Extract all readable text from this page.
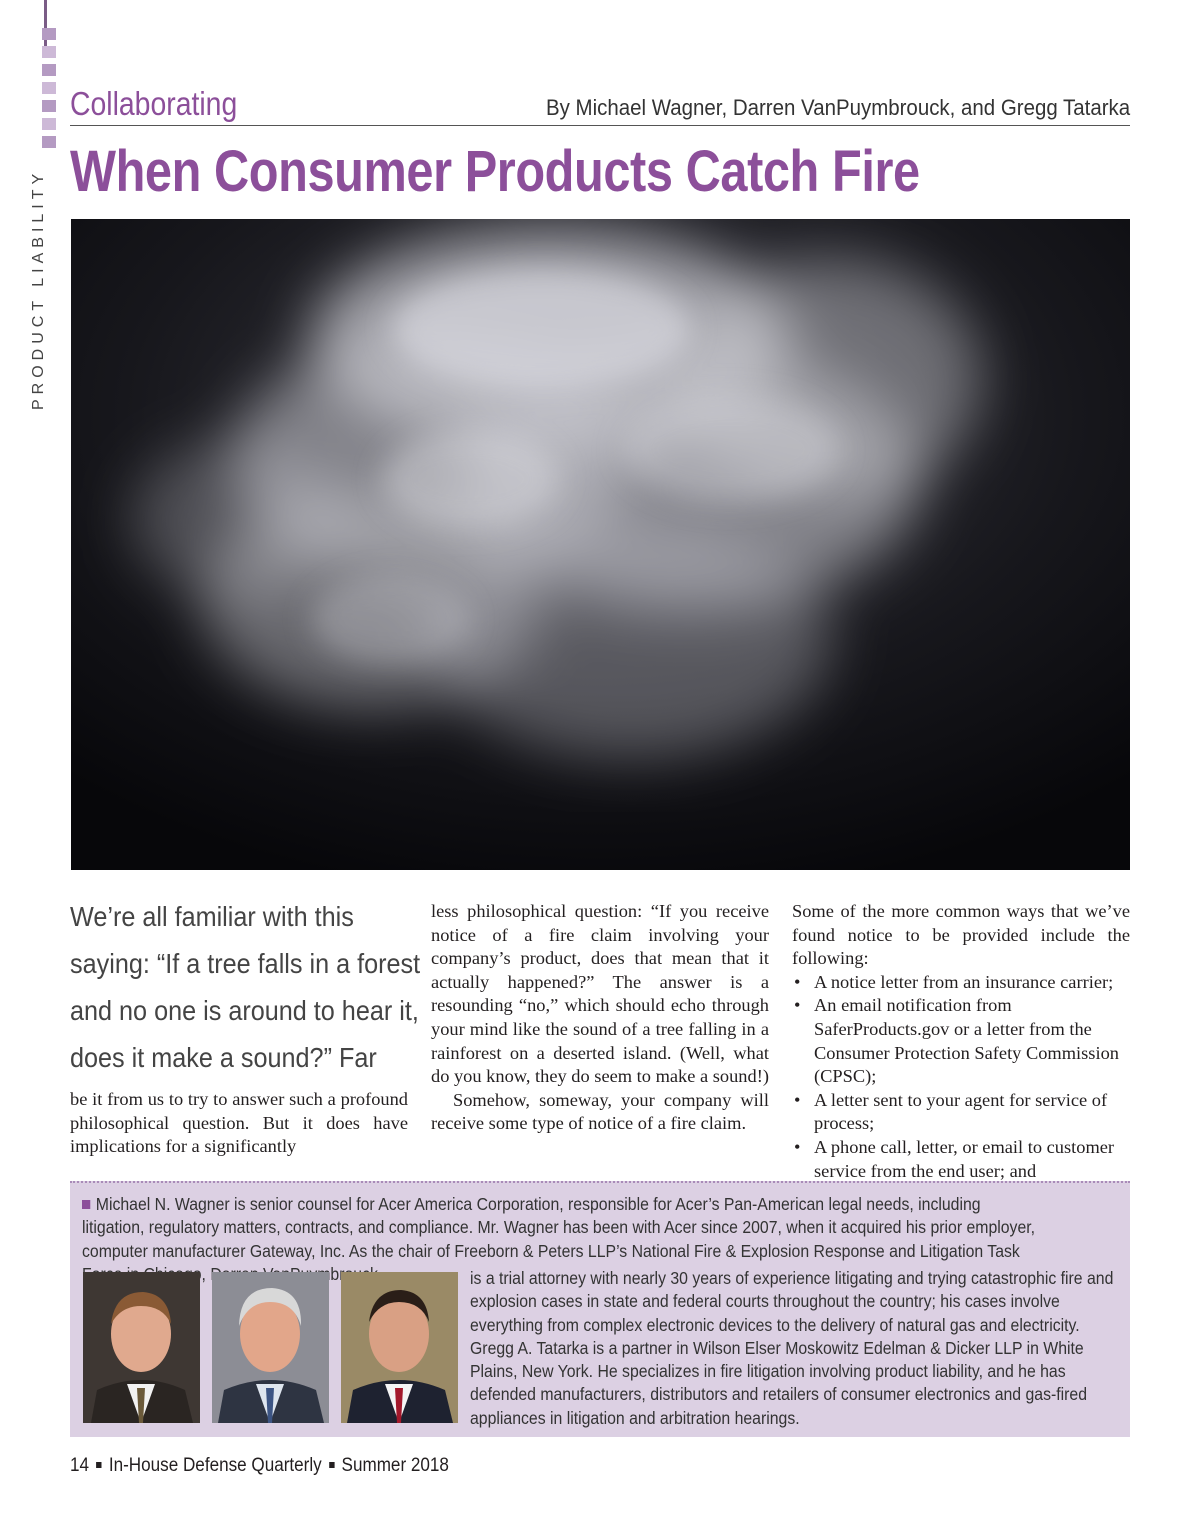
PRODUCT LIABILITY
Collaborating	By Michael Wagner, Darren VanPuymbrouck, and Gregg Tatarka
When Consumer Products Catch Fire
We’re all familiar with this
saying: “If a tree falls in a forest
and no one is around to hear it,
does it make a sound?” Far

be it from us to try to answer such a profound philosophical question. But it does have implications for a significantly

less philosophical question: “If you receive notice of a fire claim involving your company’s product, does that mean that it actually happened?” The answer is a resounding “no,” which should echo through your mind like the sound of a tree falling in a rainforest on a deserted island. (Well, what do you know, they do seem to make a sound!)

Somehow, someway, your company will receive some type of notice of a fire claim.

Some of the more common ways that we’ve found notice to be provided include the following:

• A notice letter from an insurance carrier;
• An email notification from SaferProducts.gov or a letter from the Consumer Protection Safety Commission (CPSC);
• A letter sent to your agent for service of process;
• A phone call, letter, or email to customer service from the end user; and
Michael N. Wagner is senior counsel for Acer America Corporation, responsible for Acer’s Pan-American legal needs, including litigation, regulatory matters, contracts, and compliance. Mr. Wagner has been with Acer since 2007, when it acquired his prior employer, computer manufacturer Gateway, Inc. As the chair of Freeborn & Peters LLP’s National Fire & Explosion Response and Litigation Task
is a trial attorney with nearly 30 years of experience litigating and trying catastrophic fire and explosion cases in state and federal courts throughout the country; his cases involve everything from complex electronic devices to the delivery of natural gas and electricity. Gregg A. Tatarka is a partner in Wilson Elser Moskowitz Edelman & Dicker LLP in White Plains, New York. He specializes in fire litigation involving product liability, and he has defended manufacturers, distributors and retailers of consumer electronics and gas-fired appliances in litigation and arbitration hearings.
14 In-House Defense Quarterly Summer 2018
